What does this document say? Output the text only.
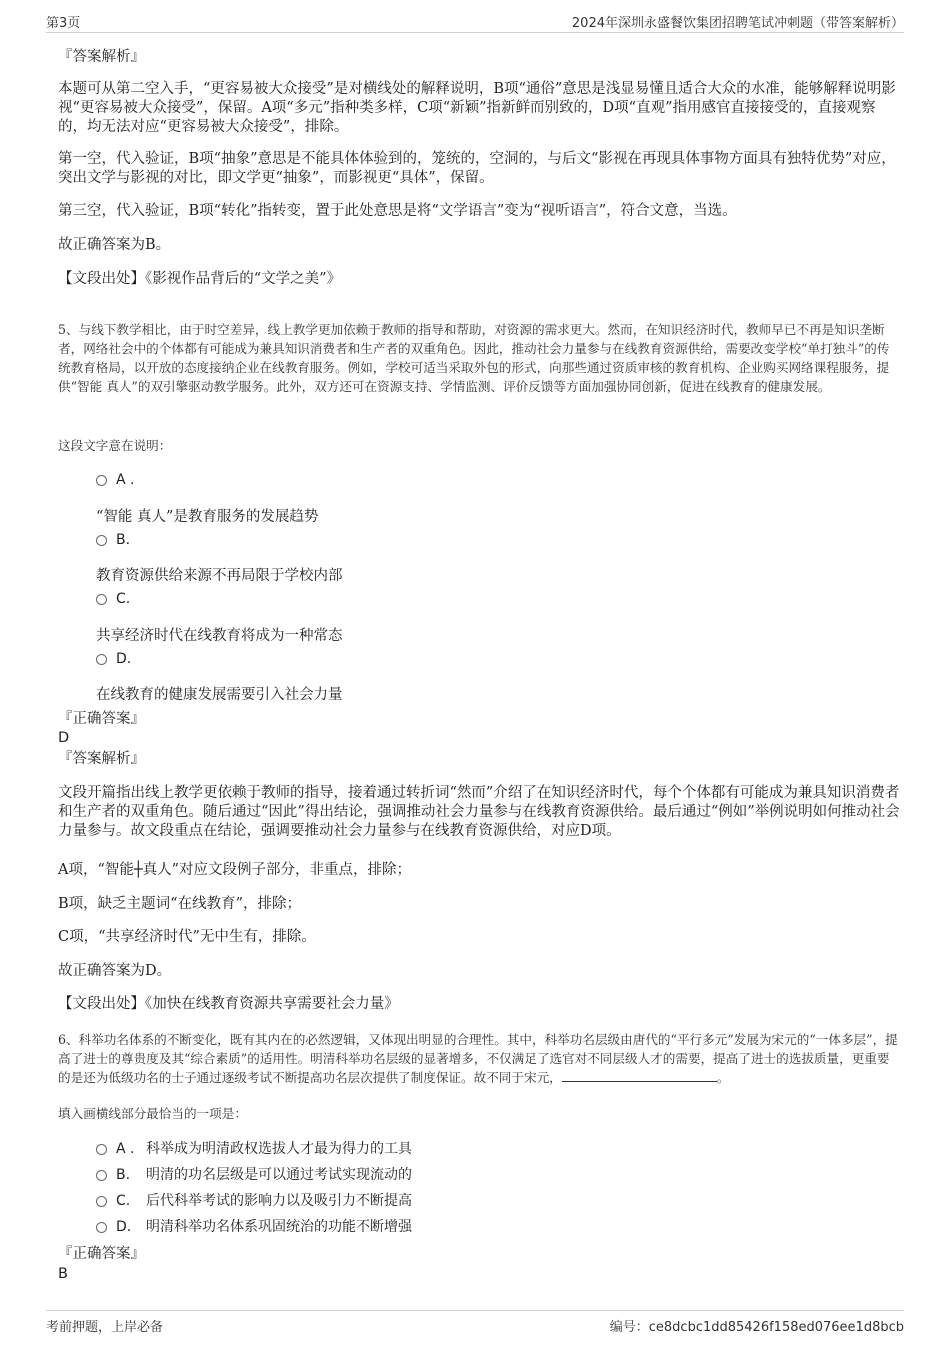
第3页	2024年深圳永盛餐饮集团招聘笔试冲刺题（带答案解析）
『答案解析』
本题可从第二空入手，“更容易被大众接受”是对横线处的解释说明，B项“通俗”意思是浅显易懂且适合大众的水准，能够解释说明影视“更容易被大众接受”，保留。A项“多元”指种类多样，C项“新颖”指新鲜而别致的，D项“直观”指用感官直接接受的，直接观察的，均无法对应“更容易被大众接受”，排除。
第一空，代入验证，B项“抽象”意思是不能具体体验到的，笼统的，空洞的，与后文“影视在再现具体事物方面具有独特优势”对应，突出文学与影视的对比，即文学更“抽象”，而影视更“具体”，保留。
第三空，代入验证，B项“转化”指转变，置于此处意思是将“文学语言”变为“视听语言”，符合文意，当选。
故正确答案为B。
【文段出处】《影视作品背后的“文学之美”》
5、与线下教学相比，由于时空差异，线上教学更加依赖于教师的指导和帮助，对资源的需求更大。然而，在知识经济时代，教师早已不再是知识垄断者，网络社会中的个体都有可能成为兼具知识消费者和生产者的双重角色。因此，推动社会力量参与在线教育资源供给，需要改变学校“单打独斗”的传统教育格局，以开放的态度接纳企业在线教育服务。例如，学校可适当采取外包的形式，向那些通过资质审核的教育机构、企业购买网络课程服务，提供“智能 真人”的双引擎驱动教学服务。此外，双方还可在资源支持、学情监测、评价反馈等方面加强协同创新，促进在线教育的健康发展。
这段文字意在说明：
A .
“智能 真人”是教育服务的发展趋势
B.
教育资源供给来源不再局限于学校内部
C.
共享经济时代在线教育将成为一种常态
D.
在线教育的健康发展需要引入社会力量
『正确答案』
D
『答案解析』
文段开篇指出线上教学更依赖于教师的指导，接着通过转折词“然而”介绍了在知识经济时代，每个个体都有可能成为兼具知识消费者和生产者的双重角色。随后通过“因此”得出结论，强调推动社会力量参与在线教育资源供给。最后通过“例如”举例说明如何推动社会力量参与。故文段重点在结论，强调要推动社会力量参与在线教育资源供给，对应D项。
A项，“智能┼真人”对应文段例子部分，非重点，排除；
B项，缺乏主题词“在线教育”，排除；
C项，“共享经济时代”无中生有，排除。
故正确答案为D。
【文段出处】《加快在线教育资源共享需要社会力量》
6、科举功名体系的不断变化，既有其内在的必然逻辑，又体现出明显的合理性。其中，科举功名层级由唐代的“平行多元”发展为宋元的“一体多层”，提高了进士的尊贵度及其“综合素质”的适用性。明清科举功名层级的显著增多，不仅满足了选官对不同层级人才的需要，提高了进士的选拔质量，更重要的是还为低级功名的士子通过逐级考试不断提高功名层次提供了制度保证。故不同于宋元，	。
填入画横线部分最恰当的一项是：
A . 科举成为明清政权选拔人才最为得力的工具
B.	明清的功名层级是可以通过考试实现流动的
C.	后代科举考试的影响力以及吸引力不断提高
D.	明清科举功名体系巩固统治的功能不断增强
『正确答案』
B
考前押题，上岸必备	编号：ce8dcbc1dd85426f158ed076ee1d8bcb
